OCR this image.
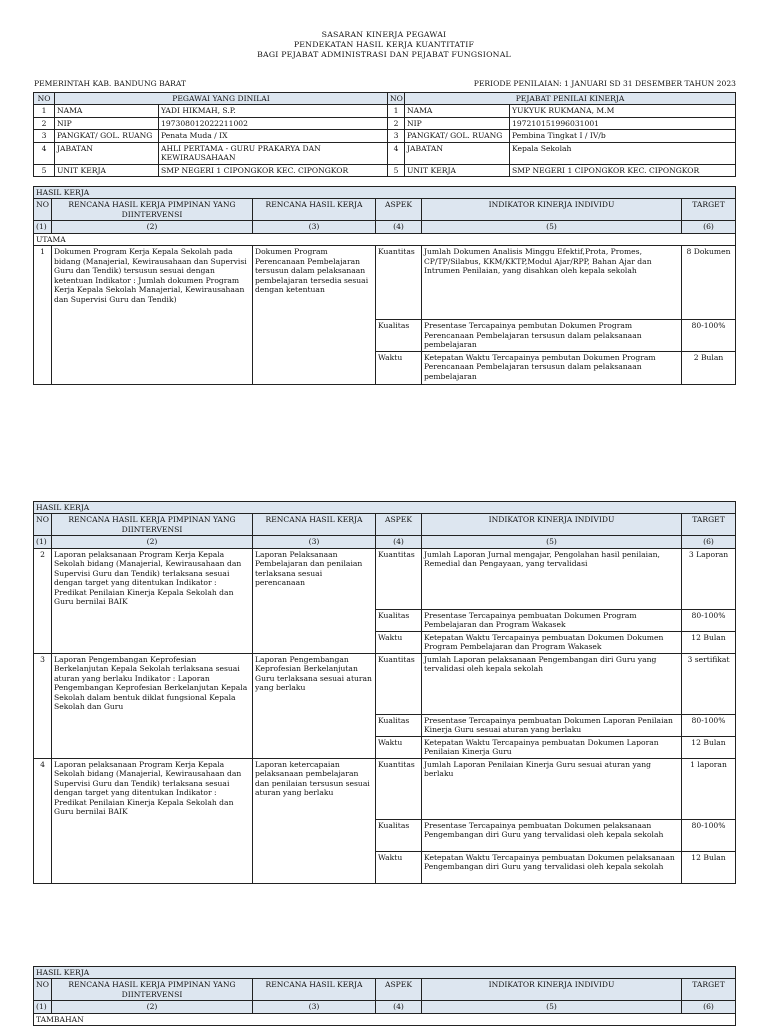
SASARAN KINERJA PEGAWAI
PENDEKATAN HASIL KERJA KUANTITATIF
BAGI PEJABAT ADMINISTRASI DAN PEJABAT FUNGSIONAL
PEMERINTAH KAB. BANDUNG BARAT	PERIODE PENILAIAN: 1 JANUARI SD 31 DESEMBER TAHUN 2023
NO	PEGAWAI YANG DINILAI		NO	PEJABAT PENILAI KINERJA	
1	NAMA	YADI HIKMAH, S.P.	1	NAMA	YUKYUK RUKMANA, M.M
2	NIP	197308012022211002	2	NIP	197210151996031001
3	PANGKAT/ GOL. RUANG	Penata Muda / IX	3	PANGKAT/ GOL. RUANG	Pembina Tingkat I / IV/b
4	JABATAN	AHLI PERTAMA - GURU PRAKARYA DAN KEWIRAUSAHAAN	4	JABATAN	Kepala Sekolah
5	UNIT KERJA	SMP NEGERI 1 CIPONGKOR KEC. CIPONGKOR	5	UNIT KERJA	SMP NEGERI 1 CIPONGKOR KEC. CIPONGKOR
HASIL KERJA					
NO	RENCANA HASIL KERJA PIMPINAN YANG DIINTERVENSI	RENCANA HASIL KERJA	ASPEK	INDIKATOR KINERJA INDIVIDU	TARGET
(1)	(2)	(3)	(4)	(5)	(6)
UTAMA					
1	Dokumen Program Kerja Kepala Sekolah pada bidang (Manajerial, Kewirausahaan dan Supervisi Guru dan Tendik) tersusun sesuai dengan ketentuan Indikator : Jumlah dokumen Program Kerja Kepala Sekolah Manajerial, Kewirausahaan dan Supervisi Guru dan Tendik)	Dokumen Program Perencanaan Pembelajaran tersusun dalam pelaksanaan pembelajaran tersedia sesuai dengan ketentuan	Kuantitas	Jumlah Dokumen Analisis Minggu Efektif,Prota, Promes, CP/TP/Silabus, KKM/KKTP,Modul Ajar/RPP, Bahan Ajar dan Intrumen Penilaian, yang disahkan oleh kepala sekolah	8 Dokumen
			Kualitas	Presentase Tercapainya pembutan Dokumen Program Perencanaan Pembelajaran tersusun dalam pelaksanaan pembelajaran	80-100%
			Waktu	Ketepatan Waktu Tercapainya pembutan Dokumen Program Perencanaan Pembelajaran tersusun dalam pelaksanaan pembelajaran	2 Bulan
HASIL KERJA					
NO	RENCANA HASIL KERJA PIMPINAN YANG DIINTERVENSI	RENCANA HASIL KERJA	ASPEK	INDIKATOR KINERJA INDIVIDU	TARGET
(1)	(2)	(3)	(4)	(5)	(6)
2	Laporan pelaksanaan Program Kerja Kepala Sekolah bidang (Manajerial, Kewirausahaan dan Supervisi Guru dan Tendik) terlaksana sesuai dengan target yang ditentukan Indikator : Predikat Penilaian Kinerja Kepala Sekolah dan Guru bernilai BAIK	Laporan Pelaksanaan Pembelajaran dan penilaian terlaksana sesuai perencanaan	Kuantitas	Jumlah Laporan Jurnal mengajar, Pengolahan hasil penilaian, Remedial dan Pengayaan, yang tervalidasi	3 Laporan
			Kualitas	Presentase Tercapainya pembuatan Dokumen Program Pembelajaran dan Program Wakasek	80-100%
			Waktu	Ketepatan Waktu Tercapainya pembuatan Dokumen Dokumen Program Pembelajaran dan Program Wakasek	12 Bulan
3	Laporan Pengembangan Keprofesian Berkelanjutan Kepala Sekolah terlaksana sesuai aturan yang berlaku Indikator : Laporan Pengembangan Keprofesian Berkelanjutan Kepala Sekolah dalam bentuk diklat fungsional Kepala Sekolah dan Guru	Laporan Pengembangan Keprofesian Berkelanjutan Guru terlaksana sesuai aturan yang berlaku	Kuantitas	Jumlah Laporan pelaksanaan Pengembangan diri Guru yang tervalidasi oleh kepala sekolah	3 sertifikat
			Kualitas	Presentase Tercapainya pembuatan Dokumen Laporan Penilaian Kinerja Guru sesuai aturan yang berlaku	80-100%
			Waktu	Ketepatan Waktu Tercapainya pembuatan Dokumen Laporan Penilaian Kinerja Guru	12 Bulan
4	Laporan pelaksanaan Program Kerja Kepala Sekolah bidang (Manajerial, Kewirausahaan dan Supervisi Guru dan Tendik) terlaksana sesuai dengan target yang ditentukan Indikator : Predikat Penilaian Kinerja Kepala Sekolah dan Guru bernilai BAIK	Laporan ketercapaian pelaksanaan pembelajaran dan penilaian tersusun sesuai aturan yang berlaku	Kuantitas	Jumlah Laporan Penilaian Kinerja Guru sesuai aturan yang berlaku	1 laporan
			Kualitas	Presentase Tercapainya pembuatan Dokumen pelaksanaan Pengembangan diri Guru yang tervalidasi oleh kepala sekolah	80-100%
			Waktu	Ketepatan Waktu Tercapainya pembuatan Dokumen pelaksanaan Pengembangan diri Guru yang tervalidasi oleh kepala sekolah	12 Bulan
HASIL KERJA					
NO	RENCANA HASIL KERJA PIMPINAN YANG DIINTERVENSI	RENCANA HASIL KERJA	ASPEK	INDIKATOR KINERJA INDIVIDU	TARGET
(1)	(2)	(3)	(4)	(5)	(6)
TAMBAHAN					
